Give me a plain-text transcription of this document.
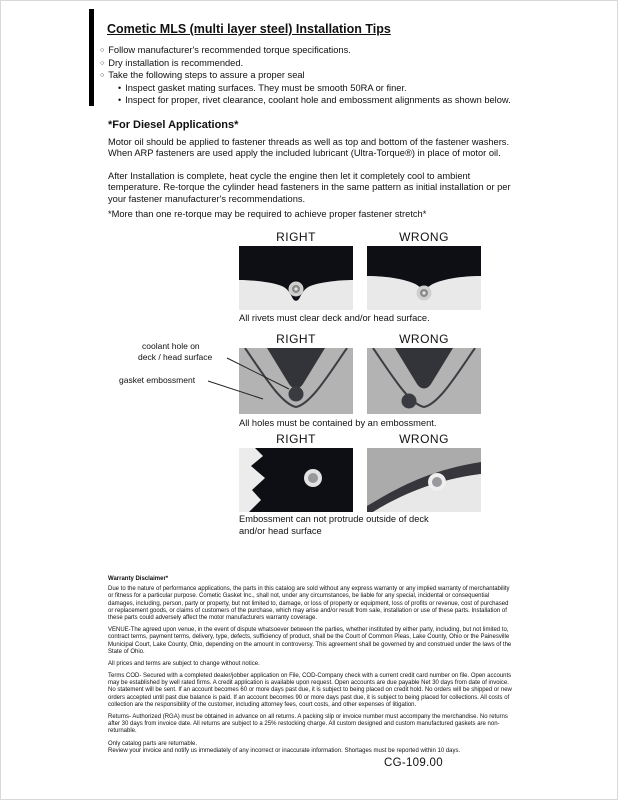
Cometic MLS (multi layer steel) Installation Tips
○ Follow manufacturer's recommended torque specifications.
○ Dry installation is recommended.
○ Take the following steps to assure a proper seal
• Inspect gasket mating surfaces. They must be smooth 50RA or finer.
• Inspect for proper, rivet clearance, coolant hole and embossment alignments as shown below.
*For Diesel Applications*
Motor oil should be applied to fastener threads as well as top and bottom of the fastener washers. When ARP fasteners are used apply the included lubricant (Ultra-Torque®) in place of motor oil.
After Installation is complete, heat cycle the engine then let it completely cool to ambient temperature. Re-torque the cylinder head fasteners in the same pattern as initial installation or per your fastener manufacturer's recommendations.
*More than one re-torque may be required to achieve proper fastener stretch*
RIGHT	WRONG
All rivets must clear deck and/or head surface.
RIGHT	WRONG
coolant hole on
deck / head surface
gasket embossment
All holes must be contained by an embossment.
RIGHT	WRONG
Embossment can not protrude outside of deck
and/or head surface
Warranty Disclaimer*

Due to the nature of performance applications, the parts in this catalog are sold without any express warranty or any implied warranty of merchantability or fitness for a particular purpose. Cometic Gasket Inc., shall not, under any circumstances, be liable for any special, incidental or consequential damages, including, person, party or property, but not limited to, damage, or loss of property or equipment, loss of profits or revenue, cost of purchased or replacement goods, or claims of customers of the purchase, which may arise and/or result from sale, installation or use of these parts. Installation of these parts could adversely affect the motor manufacturers warranty coverage.

VENUE-The agreed upon venue, in the event of dispute whatsoever between the parties, whether instituted by either party, including, but not limited to, contract terms, payment terms, delivery, type, defects, sufficiency of product, shall be the Court of Common Pleas, Lake County, Ohio or the Painesville Municipal Court, Lake County, Ohio, depending on the amount in controversy. This agreement shall be governed by and construed under the laws of the State of Ohio.

All prices and terms are subject to change without notice.

Terms COD- Secured with a completed dealer/jobber application on File, COD-Company check with a current credit card number on file. Open accounts may be established by well rated firms. A credit application is available upon request. Open accounts are due payable Net 30 days from date of invoice. No statement will be sent. If an account becomes 60 or more days past due, it is subject to being placed on credit hold. No orders will be shipped or new orders accepted until past due balance is paid. If an account becomes 90 or more days past due, it is subject to being placed for collections. All costs of collection are the responsibility of the customer, including attorney fees, court costs, and other expenses of litigation.

Returns- Authorized (RGA) must be obtained in advance on all returns. A packing slip or invoice number must accompany the merchandise. No returns after 30 days from invoice date. All returns are subject to a 25% restocking charge. All custom designed and custom manufactured gaskets are non-returnable.

Only catalog parts are returnable.

Review your invoice and notify us immediately of any incorrect or inaccurate information. Shortages must be reported within 10 days.

CG-109.00
